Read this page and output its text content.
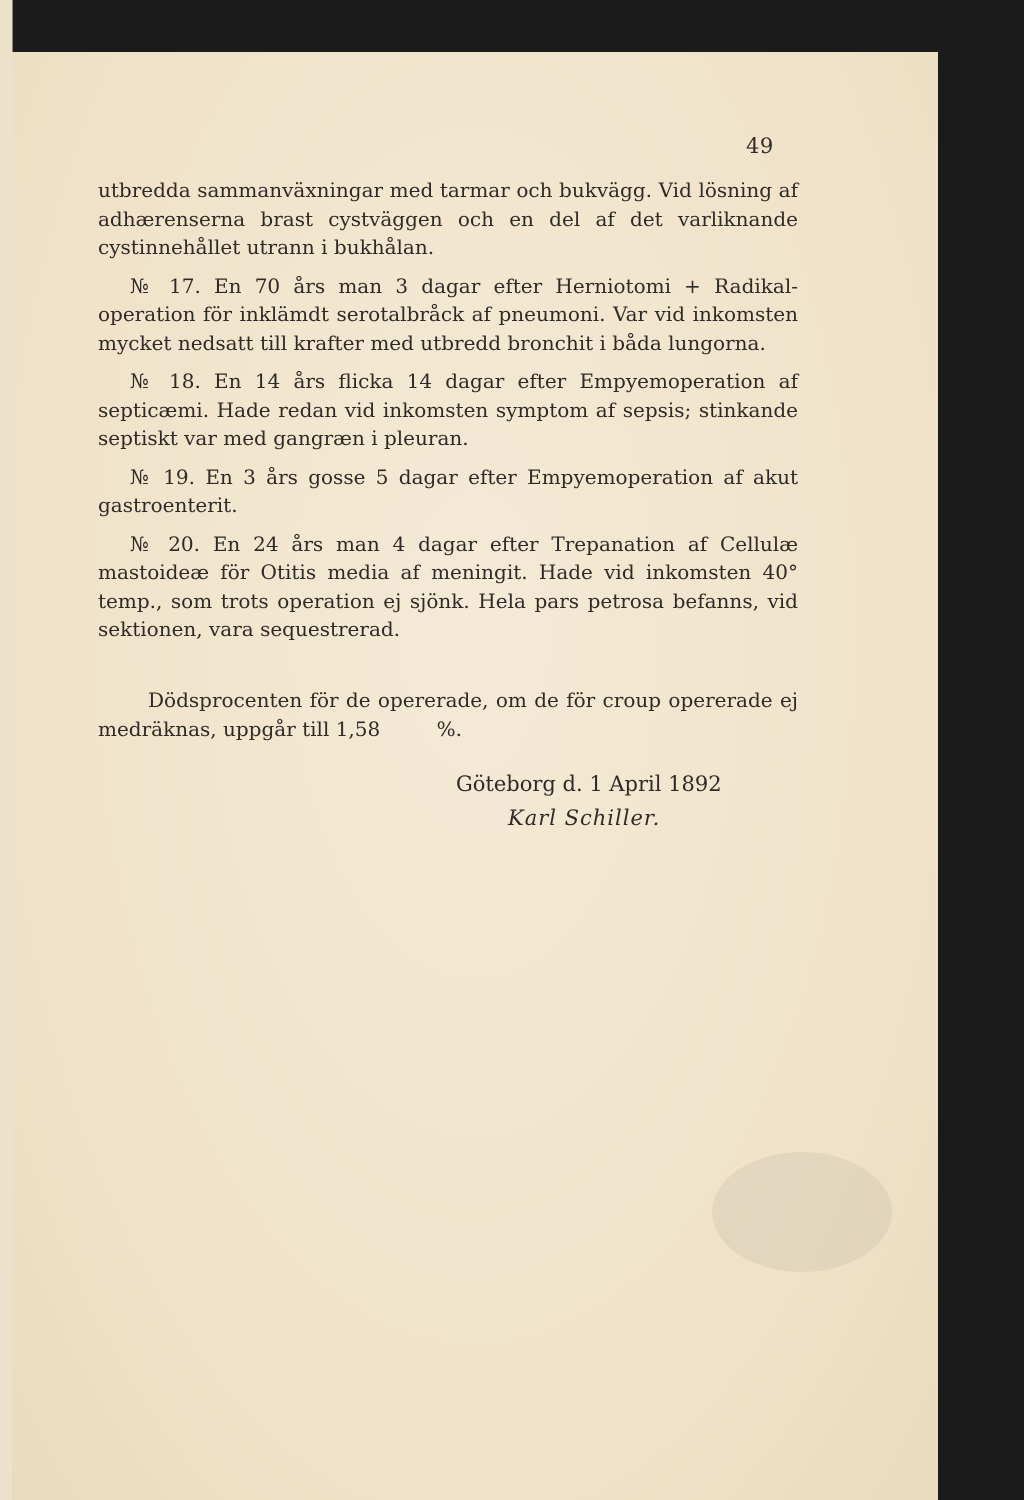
49

utbredda sammanväxningar med tarmar och bukvägg. Vid lösning af adhærenserna brast cystväggen och en del af det varliknande cystinnehållet utrann i bukhålan.

№ 17. En 70 års man 3 dagar efter Herniotomi + Radikal-operation för inklämdt serotalbråck af pneumoni. Var vid inkomsten mycket nedsatt till krafter med utbredd bronchit i båda lungorna.

№ 18. En 14 års flicka 14 dagar efter Empyemoperation af septicæmi. Hade redan vid inkomsten symptom af sepsis; stinkande septiskt var med gangræn i pleuran.

№ 19. En 3 års gosse 5 dagar efter Empyemoperation af akut gastroenterit.

№ 20. En 24 års man 4 dagar efter Trepanation af Cellulæ mastoideæ för Otitis media af meningit. Hade vid inkomsten 40° temp., som trots operation ej sjönk. Hela pars petrosa befanns, vid sektionen, vara sequestrerad.

Dödsprocenten för de opererade, om de för croup opererade ej medräknas, uppgår till 1,58	%.

Göteborg d. 1 April 1892
Karl Schiller.
